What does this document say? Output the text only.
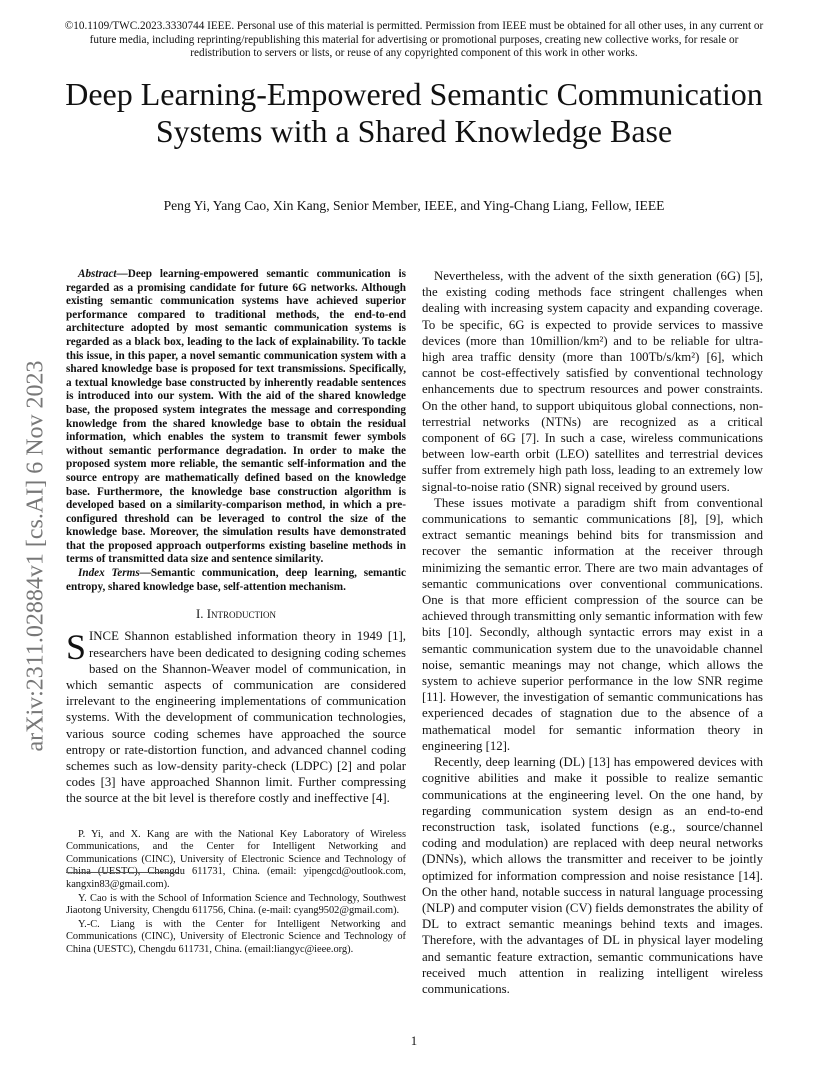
©10.1109/TWC.2023.3330744 IEEE. Personal use of this material is permitted. Permission from IEEE must be obtained for all other uses, in any current or future media, including reprinting/republishing this material for advertising or promotional purposes, creating new collective works, for resale or redistribution to servers or lists, or reuse of any copyrighted component of this work in other works.
Deep Learning-Empowered Semantic Communication Systems with a Shared Knowledge Base
Peng Yi, Yang Cao, Xin Kang, Senior Member, IEEE, and Ying-Chang Liang, Fellow, IEEE
arXiv:2311.02884v1 [cs.AI] 6 Nov 2023

Abstract—Deep learning-empowered semantic communication is regarded as a promising candidate for future 6G networks. Although existing semantic communication systems have achieved superior performance compared to traditional methods, the end-to-end architecture adopted by most semantic communication systems is regarded as a black box, leading to the lack of explainability. To tackle this issue, in this paper, a novel semantic communication system with a shared knowledge base is proposed for text transmissions. Specifically, a textual knowledge base constructed by inherently readable sentences is introduced into our system. With the aid of the shared knowledge base, the proposed system integrates the message and corresponding knowledge from the shared knowledge base to obtain the residual information, which enables the system to transmit fewer symbols without semantic performance degradation. In order to make the proposed system more reliable, the semantic self-information and the source entropy are mathematically defined based on the knowledge base. Furthermore, the knowledge base construction algorithm is developed based on a similarity-comparison method, in which a pre-configured threshold can be leveraged to control the size of the knowledge base. Moreover, the simulation results have demonstrated that the proposed approach outperforms existing baseline methods in terms of transmitted data size and sentence similarity.

Index Terms—Semantic communication, deep learning, semantic entropy, shared knowledge base, self-attention mechanism.

I. Introduction

SINCE Shannon established information theory in 1949 [1], researchers have been dedicated to designing coding schemes based on the Shannon-Weaver model of communication, in which semantic aspects of communication are considered irrelevant to the engineering implementations of communication systems. With the development of communication technologies, various source coding schemes have approached the source entropy or rate-distortion function, and advanced channel coding schemes such as low-density parity-check (LDPC) [2] and polar codes [3] have approached Shannon limit. Further compressing the source at the bit level is therefore costly and ineffective [4].

P. Yi, and X. Kang are with the National Key Laboratory of Wireless Communications, and the Center for Intelligent Networking and Communications (CINC), University of Electronic Science and Technology of China (UESTC), Chengdu 611731, China. (email: yipengcd@outlook.com, kangxin83@gmail.com).

Y. Cao is with the School of Information Science and Technology, Southwest Jiaotong University, Chengdu 611756, China. (e-mail: cyang9502@gmail.com).

Y.-C. Liang is with the Center for Intelligent Networking and Communications (CINC), University of Electronic Science and Technology of China (UESTC), Chengdu 611731, China. (email:liangyc@ieee.org).

Nevertheless, with the advent of the sixth generation (6G) [5], the existing coding methods face stringent challenges when dealing with increasing system capacity and expanding coverage. To be specific, 6G is expected to provide services to massive devices (more than 10million/km²) and to be reliable for ultra-high area traffic density (more than 100Tb/s/km²) [6], which cannot be cost-effectively satisfied by conventional technology enhancements due to spectrum resources and power constraints. On the other hand, to support ubiquitous global connections, non-terrestrial networks (NTNs) are recognized as a critical component of 6G [7]. In such a case, wireless communications between low-earth orbit (LEO) satellites and terrestrial devices suffer from extremely high path loss, leading to an extremely low signal-to-noise ratio (SNR) signal received by ground users.

These issues motivate a paradigm shift from conventional communications to semantic communications [8], [9], which extract semantic meanings behind bits for transmission and recover the semantic information at the receiver through minimizing the semantic error. There are two main advantages of semantic communications over conventional communications. One is that more efficient compression of the source can be achieved through transmitting only semantic information with few bits [10]. Secondly, although syntactic errors may exist in a semantic communication system due to the unavoidable channel noise, semantic meanings may not change, which allows the system to achieve superior performance in the low SNR regime [11]. However, the investigation of semantic communications has experienced decades of stagnation due to the absence of a mathematical model for semantic information theory in engineering [12].

Recently, deep learning (DL) [13] has empowered devices with cognitive abilities and make it possible to realize semantic communications at the engineering level. On the one hand, by regarding communication system design as an end-to-end reconstruction task, isolated functions (e.g., source/channel coding and modulation) are replaced with deep neural networks (DNNs), which allows the transmitter and receiver to be jointly optimized for information compression and noise resistance [14]. On the other hand, notable success in natural language processing (NLP) and computer vision (CV) fields demonstrates the ability of DL to extract semantic meanings behind texts and images. Therefore, with the advantages of DL in physical layer modeling and semantic feature extraction, semantic communications have received much attention in realizing intelligent wireless communications.

1
